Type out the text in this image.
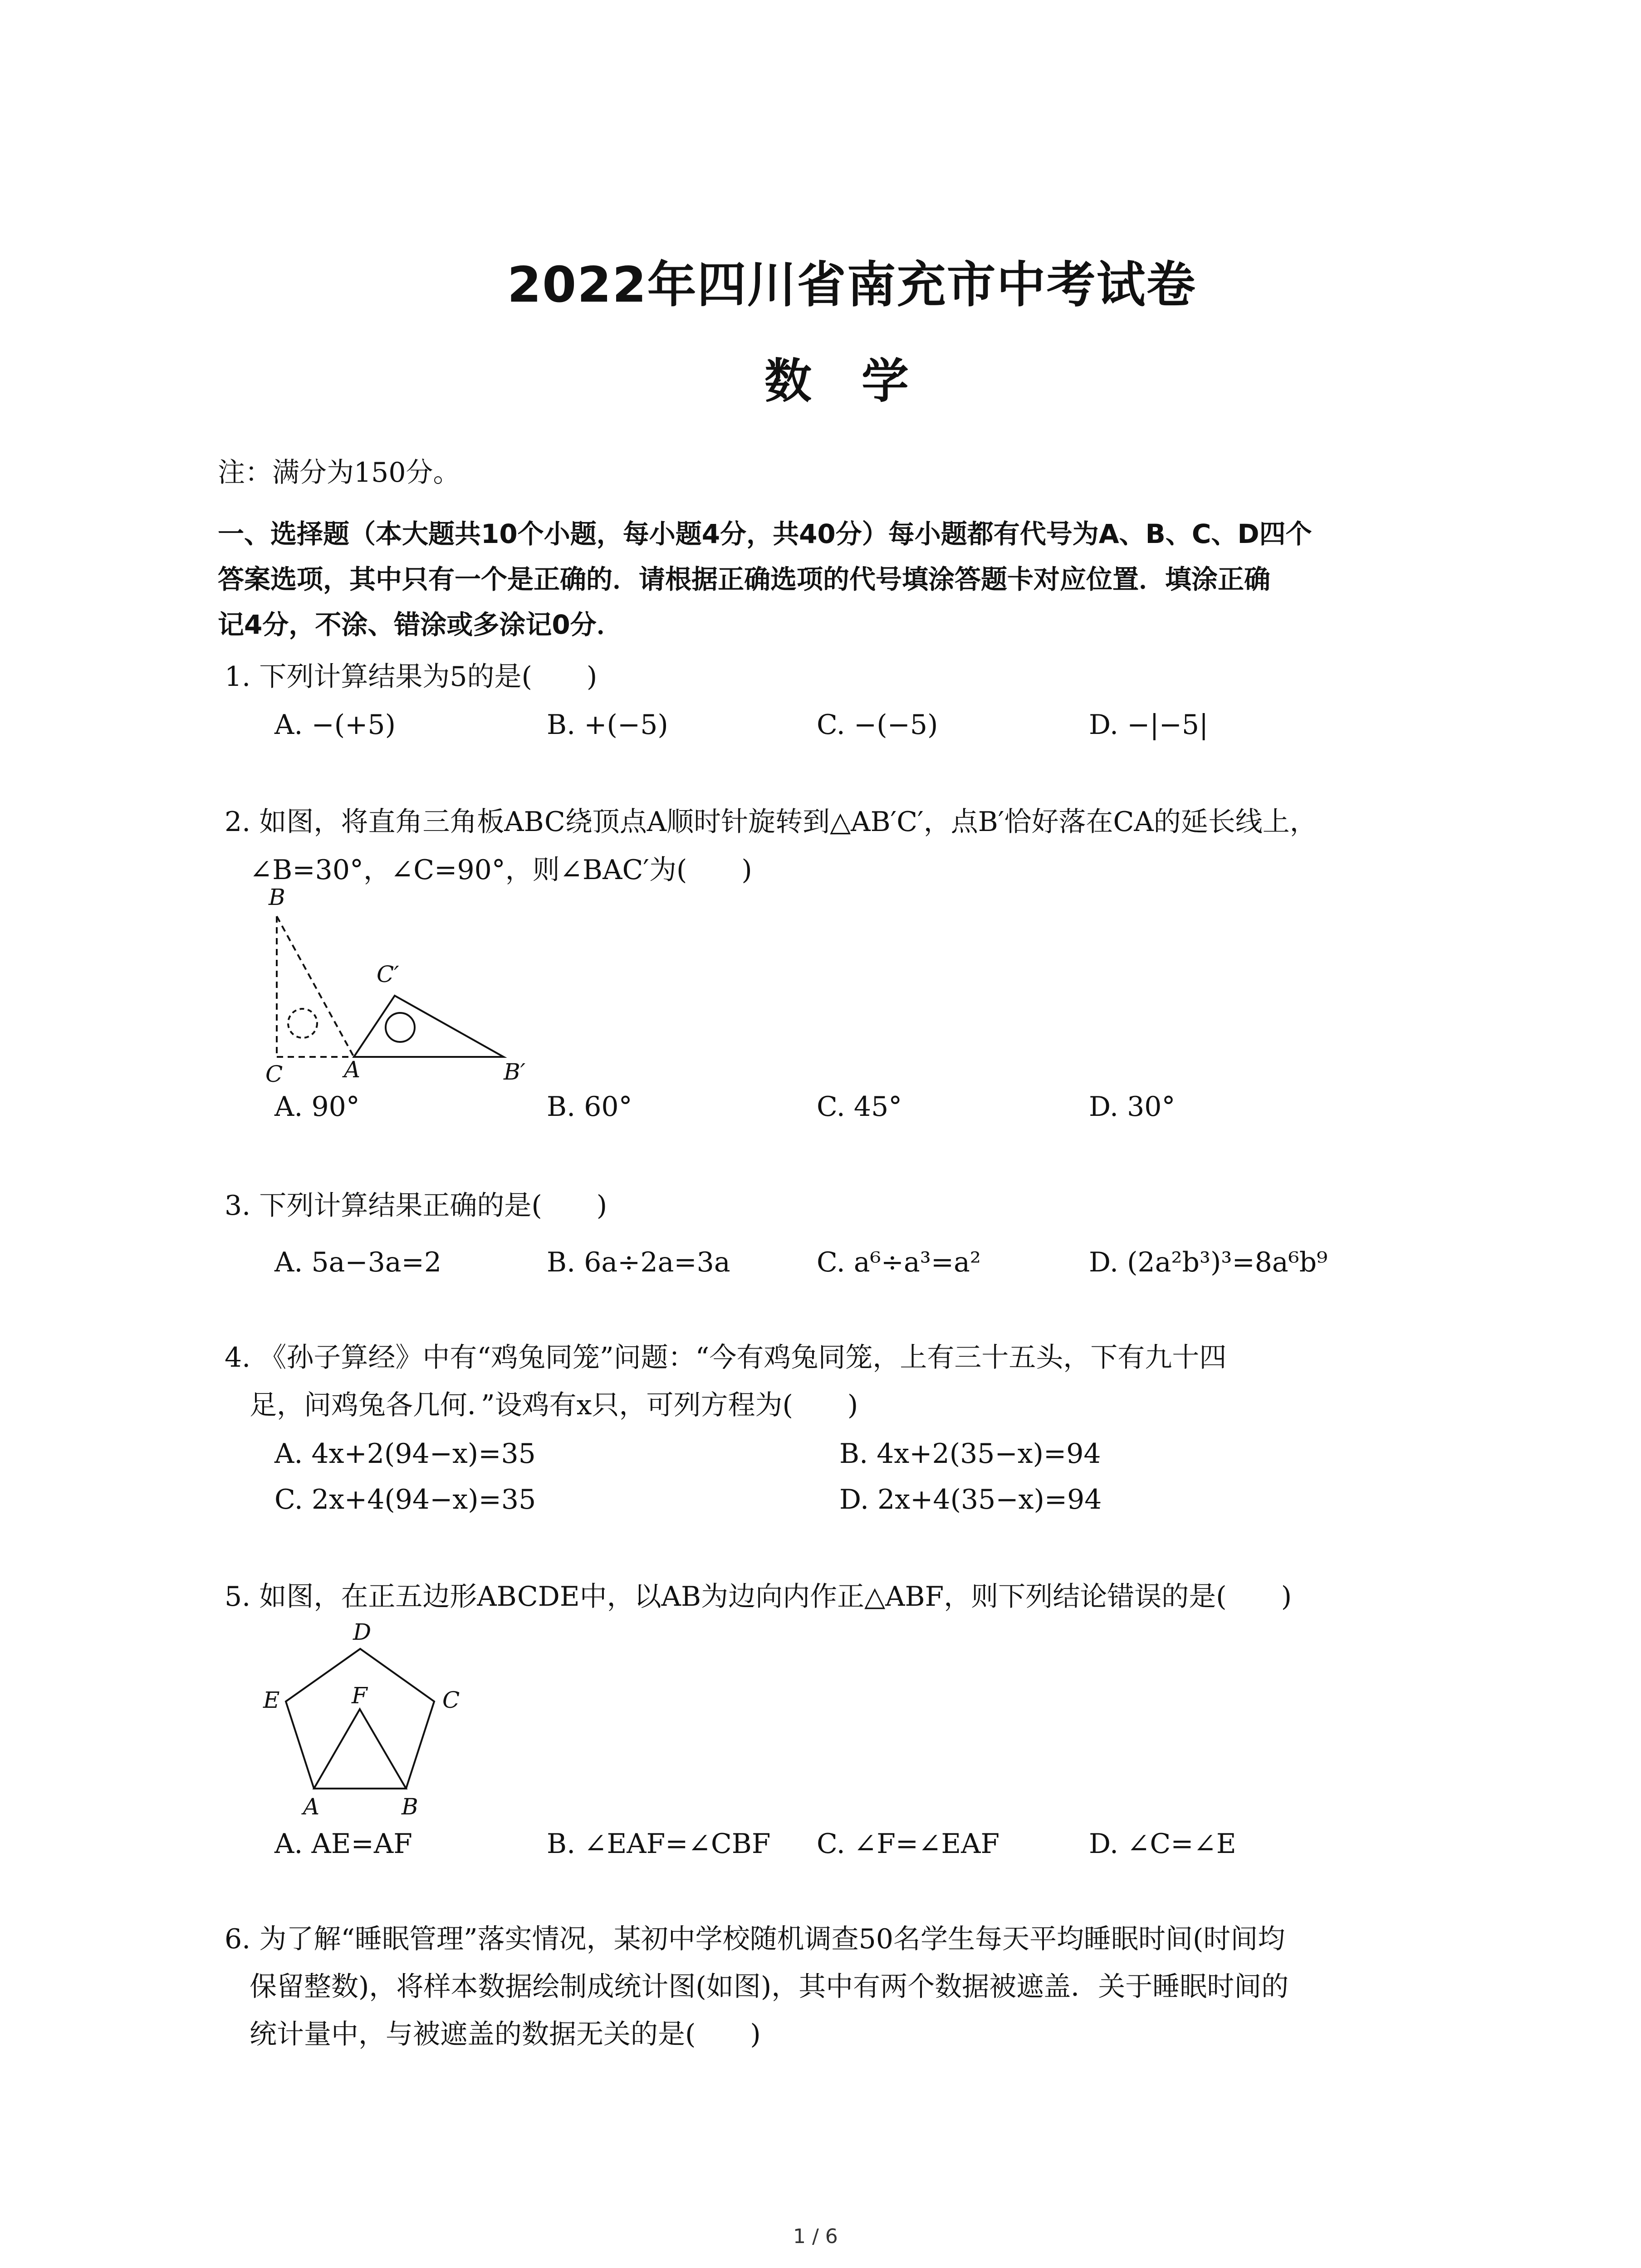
2022年四川省南充市中考试卷
数学
注：满分为150分。
一、选择题（本大题共10个小题，每小题4分，共40分）每小题都有代号为A、B、C、D四个
答案选项，其中只有一个是正确的．请根据正确选项的代号填涂答题卡对应位置．填涂正确
记4分，不涂、错涂或多涂记0分．
1. 下列计算结果为5的是(　　)
A. −(+5)	B. +(−5)	C. −(−5)	D. −|−5|
2. 如图，将直角三角板ABC绕顶点A顺时针旋转到△AB′C′，点B′恰好落在CA的延长线上，
∠B=30°，∠C=90°，则∠BAC′为(　　)
B
C	A
C′
B′
A. 90°	B. 60°	C. 45°	D. 30°
3. 下列计算结果正确的是(　　)
A. 5a−3a=2	B. 6a÷2a=3a	C. a⁶÷a³=a²	D. (2a²b³)³=8a⁶b⁹
4. 《孙子算经》中有“鸡兔同笼”问题：“今有鸡兔同笼，上有三十五头，下有九十四
足，问鸡兔各几何．”设鸡有x只，可列方程为(　　)
A. 4x+2(94−x)=35	B. 4x+2(35−x)=94
C. 2x+4(94−x)=35	D. 2x+4(35−x)=94
5. 如图，在正五边形ABCDE中，以AB为边向内作正△ABF，则下列结论错误的是(　　)
D
E	F	C
A	B
A. AE=AF	B. ∠EAF=∠CBF C. ∠F=∠EAF	D. ∠C=∠E
6. 为了解“睡眠管理”落实情况，某初中学校随机调查50名学生每天平均睡眠时间(时间均
保留整数)，将样本数据绘制成统计图(如图)，其中有两个数据被遮盖．关于睡眠时间的
统计量中，与被遮盖的数据无关的是(　　)
1 / 6
